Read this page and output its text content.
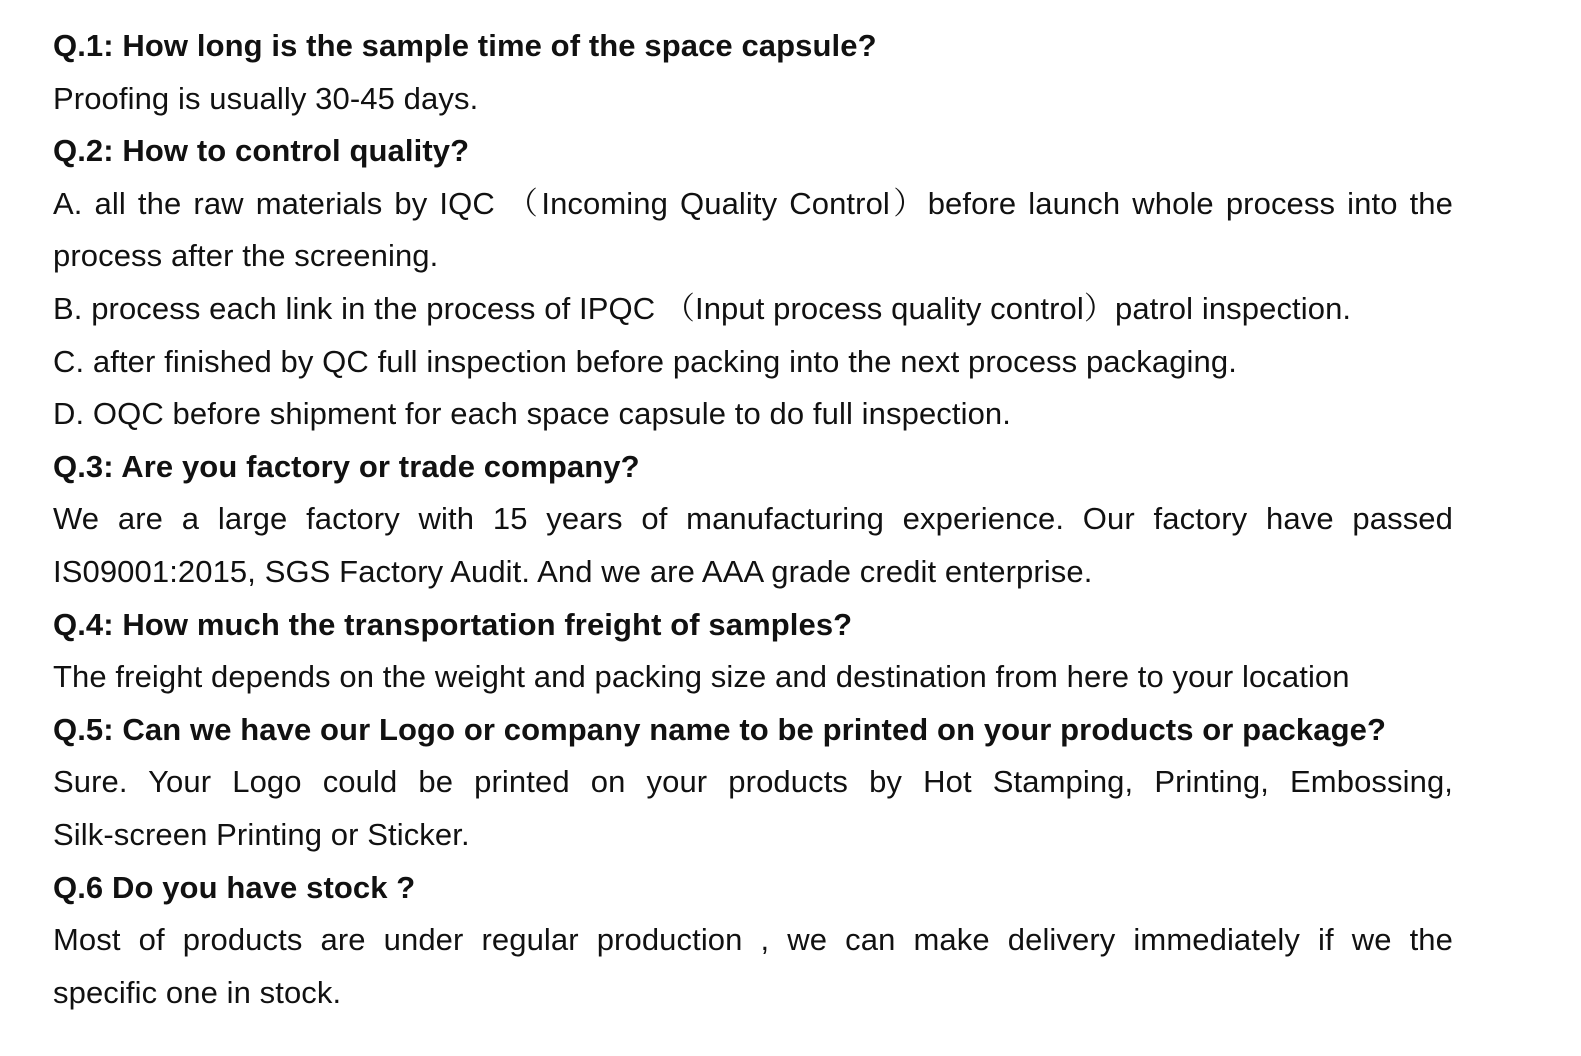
Q.1: How long is the sample time of the space capsule?
Proofing is usually 30-45 days.
Q.2: How to control quality?
A. all the raw materials by IQC （Incoming Quality Control）before launch whole process into the
process after the screening.
B. process each link in the process of IPQC （Input process quality control）patrol inspection.
C. after finished by QC full inspection before packing into the next process packaging.
D. OQC before shipment for each space capsule to do full inspection.
Q.3: Are you factory or trade company?
We are a large factory with 15 years of manufacturing experience. Our factory have passed
IS09001:2015, SGS Factory Audit. And we are AAA grade credit enterprise.
Q.4: How much the transportation freight of samples?
The freight depends on the weight and packing size and destination from here to your location
Q.5: Can we have our Logo or company name to be printed on your products or package?
Sure. Your Logo could be printed on your products by Hot Stamping, Printing, Embossing,
Silk-screen Printing or Sticker.
Q.6 Do you have stock ?
Most of products are under regular production , we can make delivery immediately if we the
specific one in stock.
